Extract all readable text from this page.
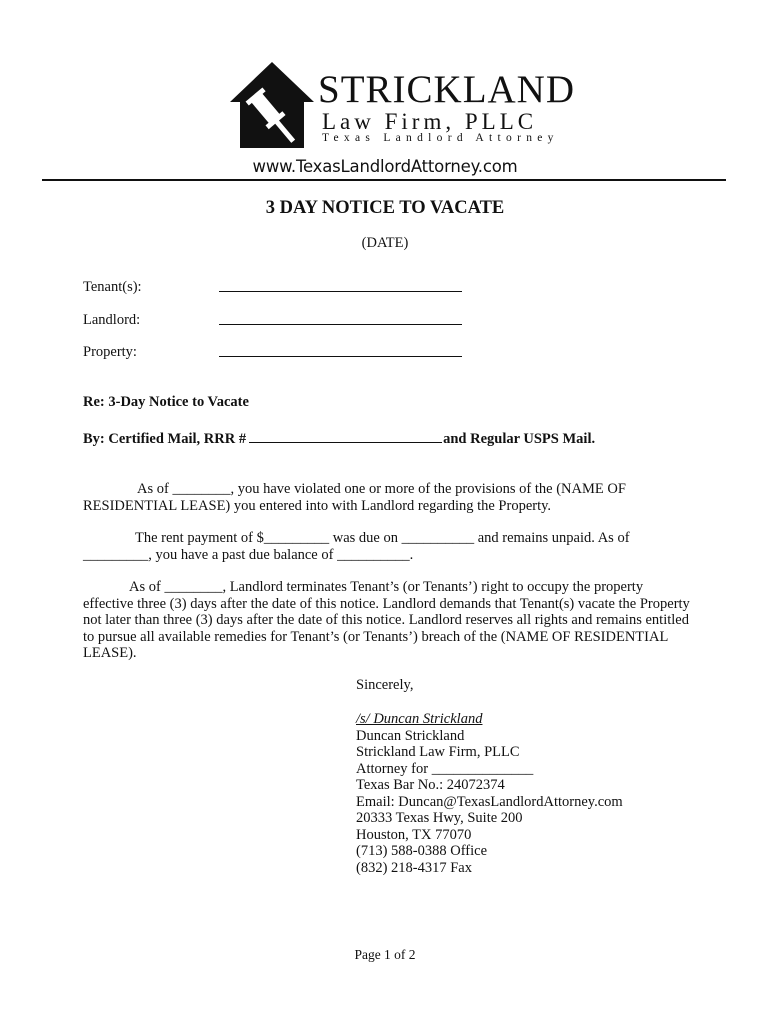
STRICKLAND
Law Firm, PLLC
Texas Landlord Attorney
www.TexasLandlordAttorney.com
3 DAY NOTICE TO VACATE
(DATE)
Tenant(s):
Landlord:
Property:
Re: 3-Day Notice to Vacate
By: Certified Mail, RRR #	and Regular USPS Mail.

As of ________, you have violated one or more of the provisions of the (NAME OF RESIDENTIAL LEASE) you entered into with Landlord regarding the Property.

The rent payment of $_________ was due on __________ and remains unpaid. As of _________, you have a past due balance of __________.

As of ________, Landlord terminates Tenant’s (or Tenants’) right to occupy the property effective three (3) days after the date of this notice. Landlord demands that Tenant(s) vacate the Property not later than three (3) days after the date of this notice. Landlord reserves all rights and remains entitled to pursue all available remedies for Tenant’s (or Tenants’) breach of the (NAME OF RESIDENTIAL LEASE).

Sincerely,
/s/ Duncan Strickland
Duncan Strickland
Strickland Law Firm, PLLC
Attorney for ______________
Texas Bar No.: 24072374
Email: Duncan@TexasLandlordAttorney.com
20333 Texas Hwy, Suite 200
Houston, TX 77070
(713) 588-0388 Office
(832) 218-4317 Fax
Page 1 of 2
